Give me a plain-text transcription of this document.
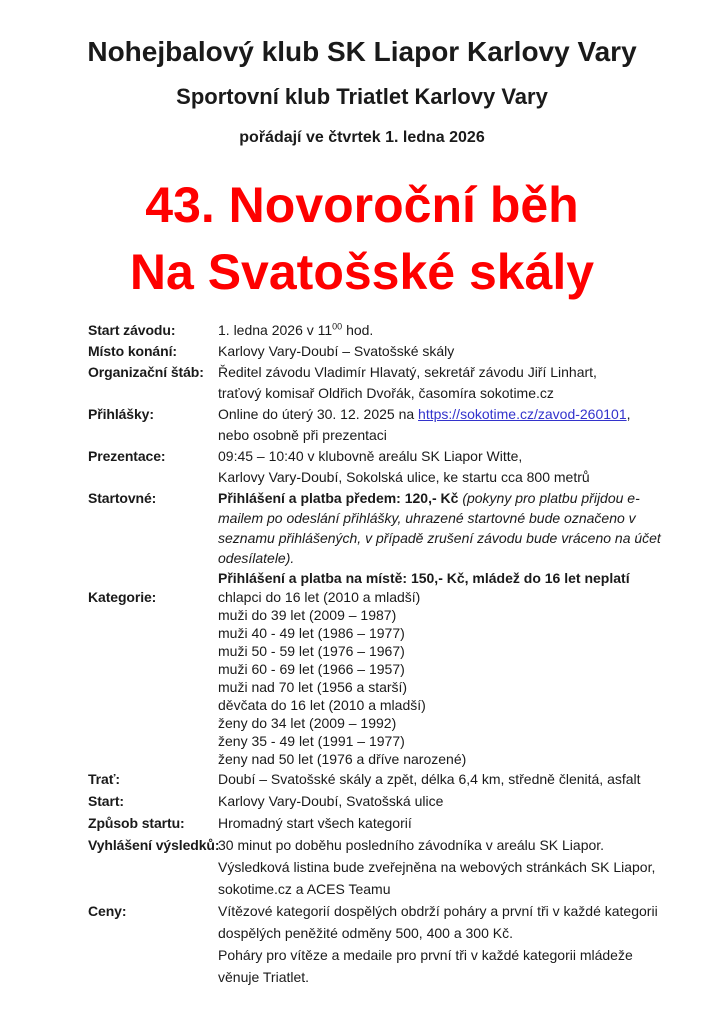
Nohejbalový klub SK Liapor Karlovy Vary
Sportovní klub Triatlet Karlovy Vary
pořádají ve čtvrtek 1. ledna 2026
43. Novoroční běh
Na Svatošské skály
Start závodu:	1. ledna 2026 v $11^{00}$ hod.
Místo konání:	Karlovy Vary-Doubí – Svatošské skály
Organizační štáb:	Ředitel závodu Vladimír Hlavatý, sekretář závodu Jiří Linhart,
traťový komisař Oldřich Dvořák, časomíra sokotime.cz
Přihlášky:	Online do úterý 30. 12. 2025 na https://sokotime.cz/zavod-260101,
nebo osobně při prezentaci
Prezentace:	09:45 – 10:40 v klubovně areálu SK Liapor Witte,
Karlovy Vary-Doubí, Sokolská ulice, ke startu cca 800 metrů
Startovné:	Přihlášení a platba předem: 120,- Kč (pokyny pro platbu přijdou e-
mailem po odeslání přihlášky, uhrazené startovné bude označeno v
seznamu přihlášených, v případě zrušení závodu bude vráceno na účet
odesílatele).
Přihlášení a platba na místě: 150,- Kč, mládež do 16 let neplatí
Kategorie:	chlapci do 16 let (2010 a mladší)
muži do 39 let (2009 – 1987)
muži 40 - 49 let (1986 – 1977)
muži 50 - 59 let (1976 – 1967)
muži 60 - 69 let (1966 – 1957)
muži nad 70 let (1956 a starší)
děvčata do 16 let (2010 a mladší)
ženy do 34 let (2009 – 1992)
ženy 35 - 49 let (1991 – 1977)
ženy nad 50 let (1976 a dříve narozené)
Trať:	Doubí – Svatošské skály a zpět, délka 6,4 km, středně členitá, asfalt
Start:	Karlovy Vary-Doubí, Svatošská ulice
Způsob startu:	Hromadný start všech kategorií
Vyhlášení výsledků:
30 minut po doběhu posledního závodníka v areálu SK Liapor.
Výsledková listina bude zveřejněna na webových stránkách SK Liapor,
sokotime.cz a ACES Teamu
Ceny:	Vítězové kategorií dospělých obdrží poháry a první tři v každé kategorii
dospělých peněžité odměny 500, 400 a 300 Kč.
Poháry pro vítěze a medaile pro první tři v každé kategorii mládeže
věnuje Triatlet.
